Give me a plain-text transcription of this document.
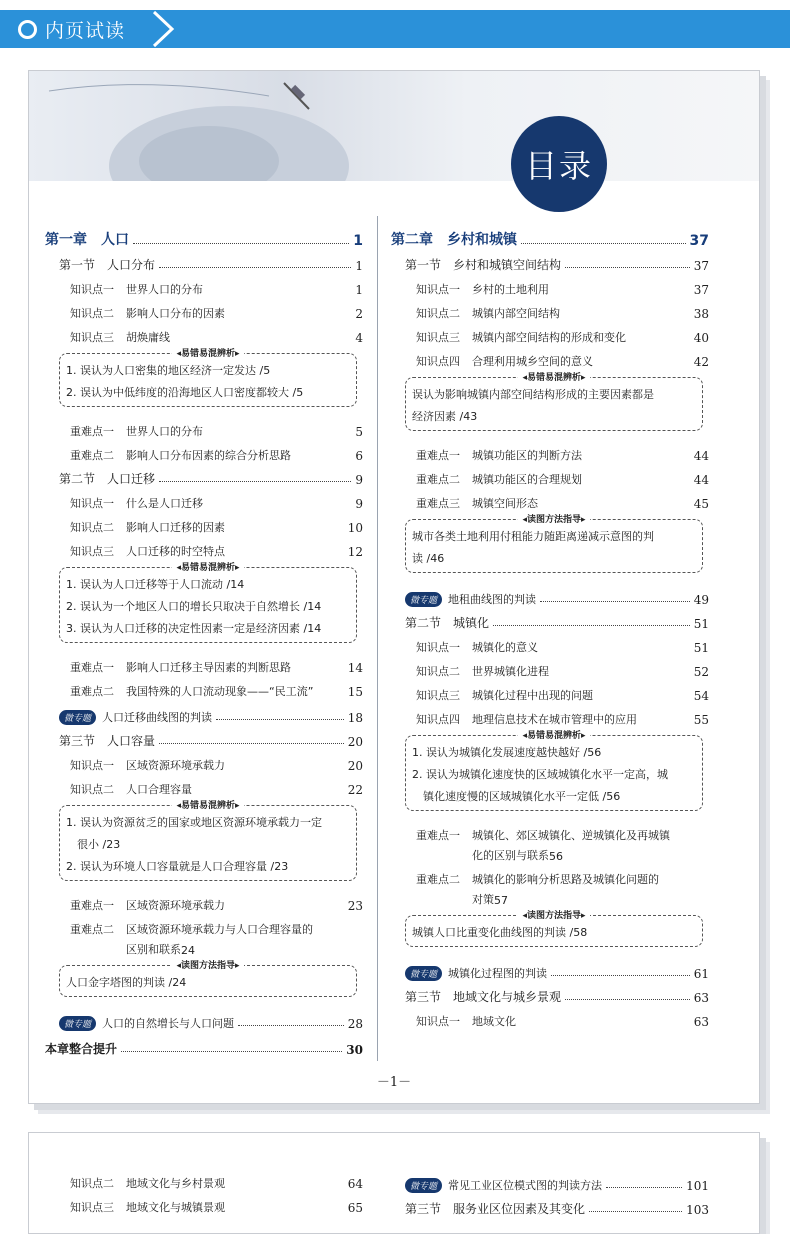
内页试读
目录
第一章　人口	1
第一节　人口分布	1
知识点一	世界人口的分布	1
知识点二	影响人口分布的因素	2
知识点三	胡焕庸线	4
◂易错易混辨析▸
1. 误认为人口密集的地区经济一定发达 /5
2. 误认为中低纬度的沿海地区人口密度都较大 /5
重难点一	世界人口的分布	5
重难点二	影响人口分布因素的综合分析思路	6
第二节　人口迁移	9
知识点一	什么是人口迁移	9
知识点二	影响人口迁移的因素	10
知识点三	人口迁移的时空特点	12
◂易错易混辨析▸
1. 误认为人口迁移等于人口流动 /14
2. 误认为一个地区人口的增长只取决于自然增长 /14
3. 误认为人口迁移的决定性因素一定是经济因素 /14
重难点一	影响人口迁移主导因素的判断思路	14
重难点二	我国特殊的人口流动现象——“民工流”	15
微专题	人口迁移曲线图的判读	18
第三节　人口容量	20
知识点一	区域资源环境承载力	20
知识点二	人口合理容量	22
◂易错易混辨析▸
1. 误认为资源贫乏的国家或地区资源环境承载力一定
　很小 /23
2. 误认为环境人口容量就是人口合理容量 /23
重难点一	区域资源环境承载力	23
重难点二	区域资源环境承载力与人口合理容量的
区别和联系 24
◂读图方法指导▸
人口金字塔图的判读 /24
微专题	人口的自然增长与人口问题	28
本章整合提升	30
第二章　乡村和城镇	37
第一节　乡村和城镇空间结构	37
知识点一	乡村的土地利用	37
知识点二	城镇内部空间结构	38
知识点三	城镇内部空间结构的形成和变化	40
知识点四	合理利用城乡空间的意义	42
◂易错易混辨析▸
误认为影响城镇内部空间结构形成的主要因素都是
经济因素 /43
重难点一	城镇功能区的判断方法	44
重难点二	城镇功能区的合理规划	44
重难点三	城镇空间形态	45
◂读图方法指导▸
城市各类土地利用付租能力随距离递减示意图的判
读 /46
微专题	地租曲线图的判读	49
第二节　城镇化	51
知识点一	城镇化的意义	51
知识点二	世界城镇化进程	52
知识点三	城镇化过程中出现的问题	54
知识点四	地理信息技术在城市管理中的应用	55
◂易错易混辨析▸
1. 误认为城镇化发展速度越快越好 /56
2. 误认为城镇化速度快的区域城镇化水平一定高，城
　镇化速度慢的区域城镇化水平一定低 /56
重难点一	城镇化、郊区城镇化、逆城镇化及再城镇
化的区别与联系 56
重难点二	城镇化的影响分析思路及城镇化问题的
对策 57
◂读图方法指导▸
城镇人口比重变化曲线图的判读 /58
微专题	城镇化过程图的判读	61
第三节　地域文化与城乡景观	63
知识点一	地域文化	63
－1－
知识点二	地域文化与乡村景观	64
知识点三	地域文化与城镇景观	65
微专题	常见工业区位模式图的判读方法	101
第三节　服务业区位因素及其变化	103
